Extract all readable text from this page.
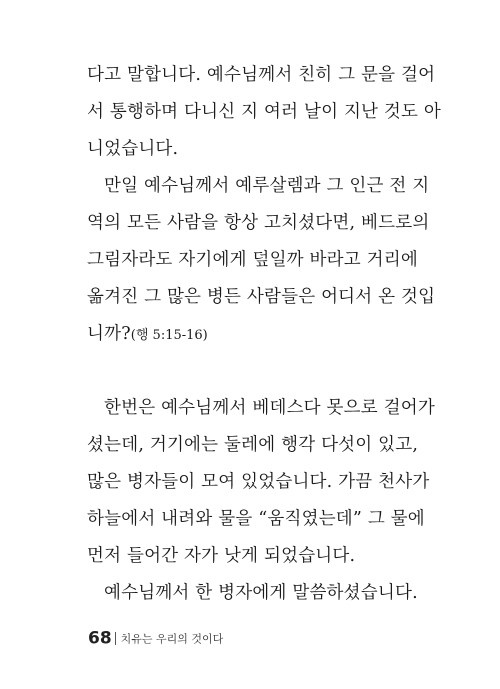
다고 말합니다. 예수님께서 친히 그 문을 걸어
서 통행하며 다니신 지 여러 날이 지난 것도 아
니었습니다.
만일 예수님께서 예루살렘과 그 인근 전 지
역의 모든 사람을 항상 고치셨다면, 베드로의
그림자라도 자기에게 덮일까 바라고 거리에
옮겨진 그 많은 병든 사람들은 어디서 온 것입
니까?(행 5:15-16)
한번은 예수님께서 베데스다 못으로 걸어가
셨는데, 거기에는 둘레에 행각 다섯이 있고,
많은 병자들이 모여 있었습니다. 가끔 천사가
하늘에서 내려와 물을 “움직였는데” 그 물에
먼저 들어간 자가 낫게 되었습니다.
예수님께서 한 병자에게 말씀하셨습니다.
68 치유는 우리의 것이다
